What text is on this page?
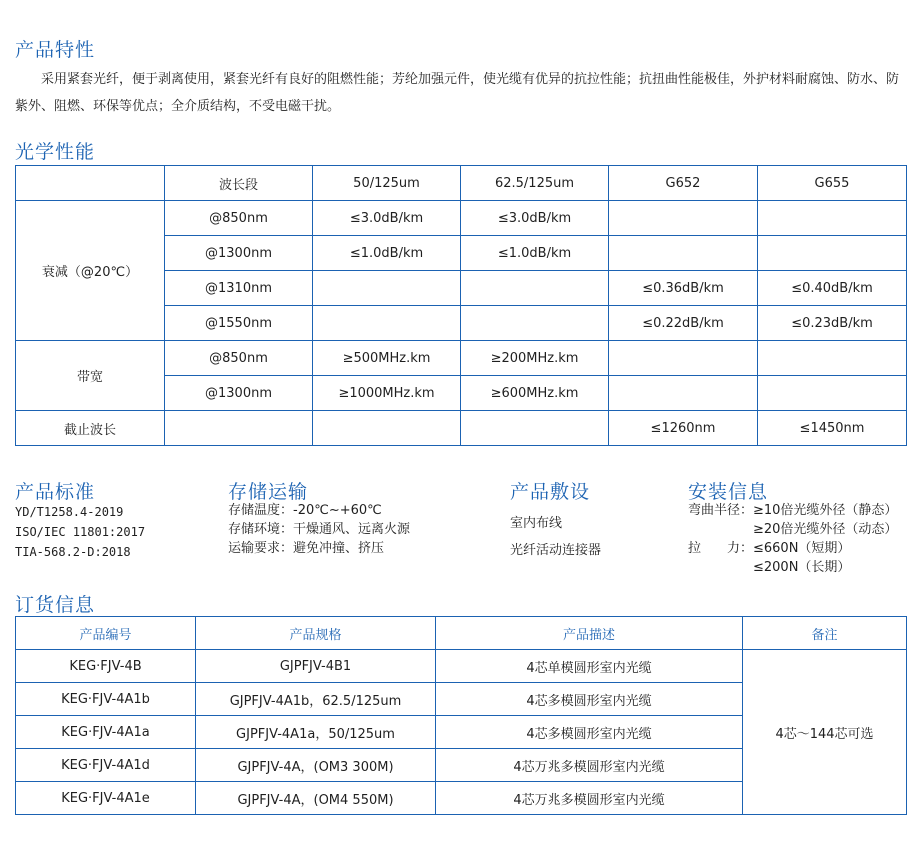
产品特性

采用紧套光纤，便于剥离使用，紧套光纤有良好的阻燃性能；芳纶加强元件，使光缆有优异的抗拉性能；抗扭曲性能极佳，外护材料耐腐蚀、防水、防紫外、阻燃、环保等优点；全介质结构，不受电磁干扰。

光学性能
	波长段	50/125um	62.5/125um	G652	G655
衰减（@20℃）	@850nm	≤3.0dB/km	≤3.0dB/km		
	@1300nm	≤1.0dB/km	≤1.0dB/km		
	@1310nm			≤0.36dB/km	≤0.40dB/km
	@1550nm			≤0.22dB/km	≤0.23dB/km
带宽	@850nm	≥500MHz.km	≥200MHz.km		
	@1300nm	≥1000MHz.km	≥600MHz.km		
截止波长				≤1260nm	≤1450nm
产品标准
YD/T1258.4-2019
ISO/IEC 11801:2017
TIA-568.2-D:2018
存储运输
存储温度：-20℃~+60℃
存储环境：干燥通风、远离火源
运输要求：避免冲撞、挤压
产品敷设
室内布线
光纤活动连接器
安装信息
弯曲半径：≥10倍光缆外径（静态）
≥20倍光缆外径（动态）
拉　　力：≤660N（短期）
≤200N（长期）
订货信息
产品编号	产品规格	产品描述	备注
KEG·FJV-4B	GJPFJV-4B1	4芯单模圆形室内光缆	4芯～144芯可选
KEG·FJV-4A1b	GJPFJV-4A1b，62.5/125um	4芯多模圆形室内光缆	
KEG·FJV-4A1a	GJPFJV-4A1a，50/125um	4芯多模圆形室内光缆	
KEG·FJV-4A1d	GJPFJV-4A，(OM3 300M)	4芯万兆多模圆形室内光缆	
KEG·FJV-4A1e	GJPFJV-4A，(OM4 550M)	4芯万兆多模圆形室内光缆	
